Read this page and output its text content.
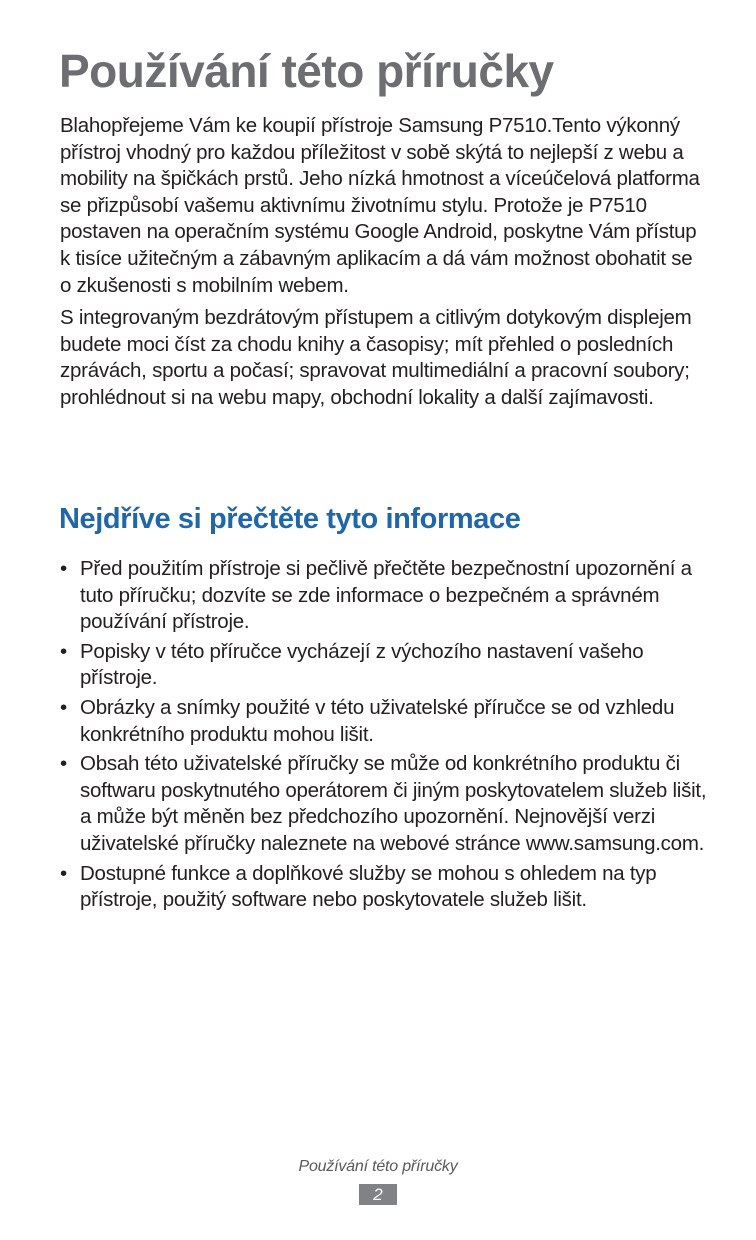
Používání této příručky

Blahopřejeme Vám ke koupií přístroje Samsung P7510.Tento výkonný přístroj vhodný pro každou příležitost v sobě skýtá to nejlepší z webu a mobility na špičkách prstů. Jeho nízká hmotnost a víceúčelová platforma se přizpůsobí vašemu aktivnímu životnímu stylu. Protože je P7510 postaven na operačním systému Google Android, poskytne Vám přístup k tisíce užitečným a zábavným aplikacím a dá vám možnost obohatit se o zkušenosti s mobilním webem.

S integrovaným bezdrátovým přístupem a citlivým dotykovým displejem budete moci číst za chodu knihy a časopisy; mít přehled o posledních zprávách, sportu a počasí; spravovat multimediální a pracovní soubory; prohlédnout si na webu mapy, obchodní lokality a další zajímavosti.

Nejdříve si přečtěte tyto informace
• Před použitím přístroje si pečlivě přečtěte bezpečnostní upozornění a tuto příručku; dozvíte se zde informace o bezpečném a správném používání přístroje.
• Popisky v této příručce vycházejí z výchozího nastavení vašeho přístroje.
• Obrázky a snímky použité v této uživatelské příručce se od vzhledu konkrétního produktu mohou lišit.
• Obsah této uživatelské příručky se může od konkrétního produktu či softwaru poskytnutého operátorem či jiným poskytovatelem služeb lišit, a může být měněn bez předchozího upozornění. Nejnovější verzi uživatelské příručky naleznete na webové stránce www.samsung.com.
• Dostupné funkce a doplňkové služby se mohou s ohledem na typ přístroje, použitý software nebo poskytovatele služeb lišit.
Používání této příručky
2
